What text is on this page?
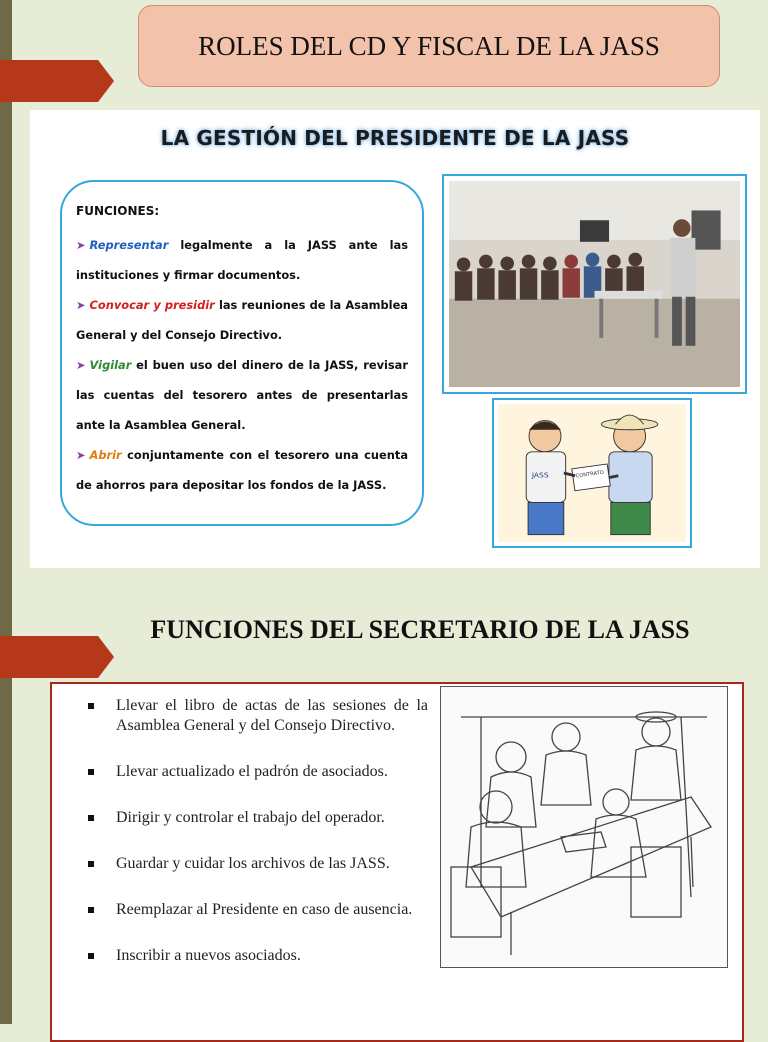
ROLES DEL CD Y FISCAL DE LA JASS
LA GESTIÓN DEL PRESIDENTE DE LA JASS
FUNCIONES:

➤ Representar legalmente a la JASS ante las instituciones y firmar documentos.

➤ Convocar y presidir las reuniones de la Asamblea General y del Consejo Directivo.

➤ Vigilar el buen uso del dinero de la JASS, revisar las cuentas del tesorero antes de presentarlas ante la Asamblea General.

➤ Abrir conjuntamente con el tesorero una cuenta de ahorros para depositar los fondos de la JASS.

JASS	CONTRATO
FUNCIONES DEL SECRETARIO DE LA JASS
Llevar el libro de actas de las sesiones de la Asamblea General y del Consejo Directivo.
Llevar actualizado el padrón de asociados.
Dirigir y controlar el trabajo del operador.
Guardar y cuidar los archivos de las JASS.
Reemplazar al Presidente en caso de ausencia.
Inscribir a nuevos asociados.
